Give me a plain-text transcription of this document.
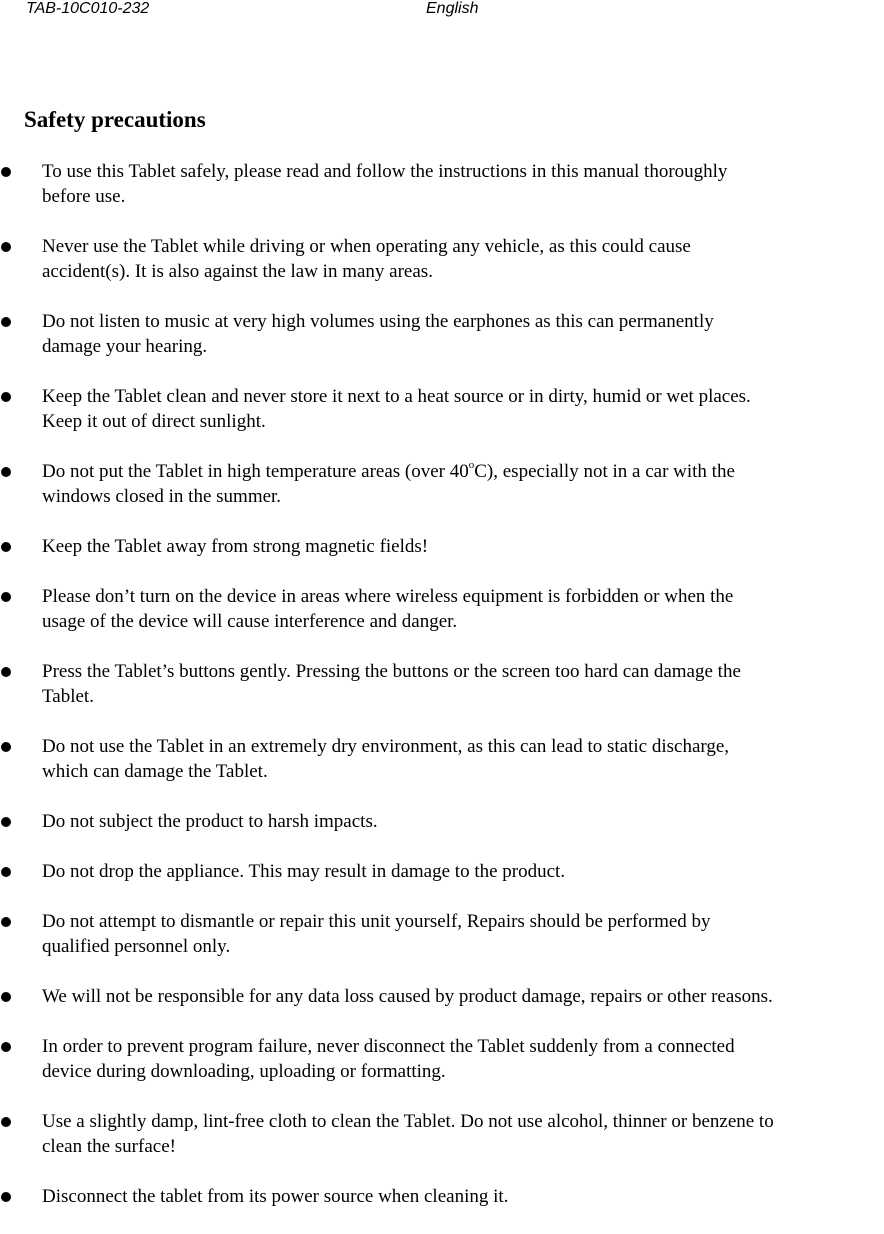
TAB-10C010-232	English
Safety precautions
To use this Tablet safely, please read and follow the instructions in this manual thoroughly
before use.
Never use the Tablet while driving or when operating any vehicle, as this could cause
accident(s). It is also against the law in many areas.
Do not listen to music at very high volumes using the earphones as this can permanently
damage your hearing.
Keep the Tablet clean and never store it next to a heat source or in dirty, humid or wet places.
Keep it out of direct sunlight.
Do not put the Tablet in high temperature areas (over 40$^o$C), especially not in a car with the
windows closed in the summer.
Keep the Tablet away from strong magnetic fields!
Please don’t turn on the device in areas where wireless equipment is forbidden or when the
usage of the device will cause interference and danger.
Press the Tablet’s buttons gently. Pressing the buttons or the screen too hard can damage the
Tablet.
Do not use the Tablet in an extremely dry environment, as this can lead to static discharge,
which can damage the Tablet.
Do not subject the product to harsh impacts.
Do not drop the appliance. This may result in damage to the product.
Do not attempt to dismantle or repair this unit yourself, Repairs should be performed by
qualified personnel only.
We will not be responsible for any data loss caused by product damage, repairs or other reasons.
In order to prevent program failure, never disconnect the Tablet suddenly from a connected
device during downloading, uploading or formatting.
Use a slightly damp, lint-free cloth to clean the Tablet. Do not use alcohol, thinner or benzene to
clean the surface!
Disconnect the tablet from its power source when cleaning it.
